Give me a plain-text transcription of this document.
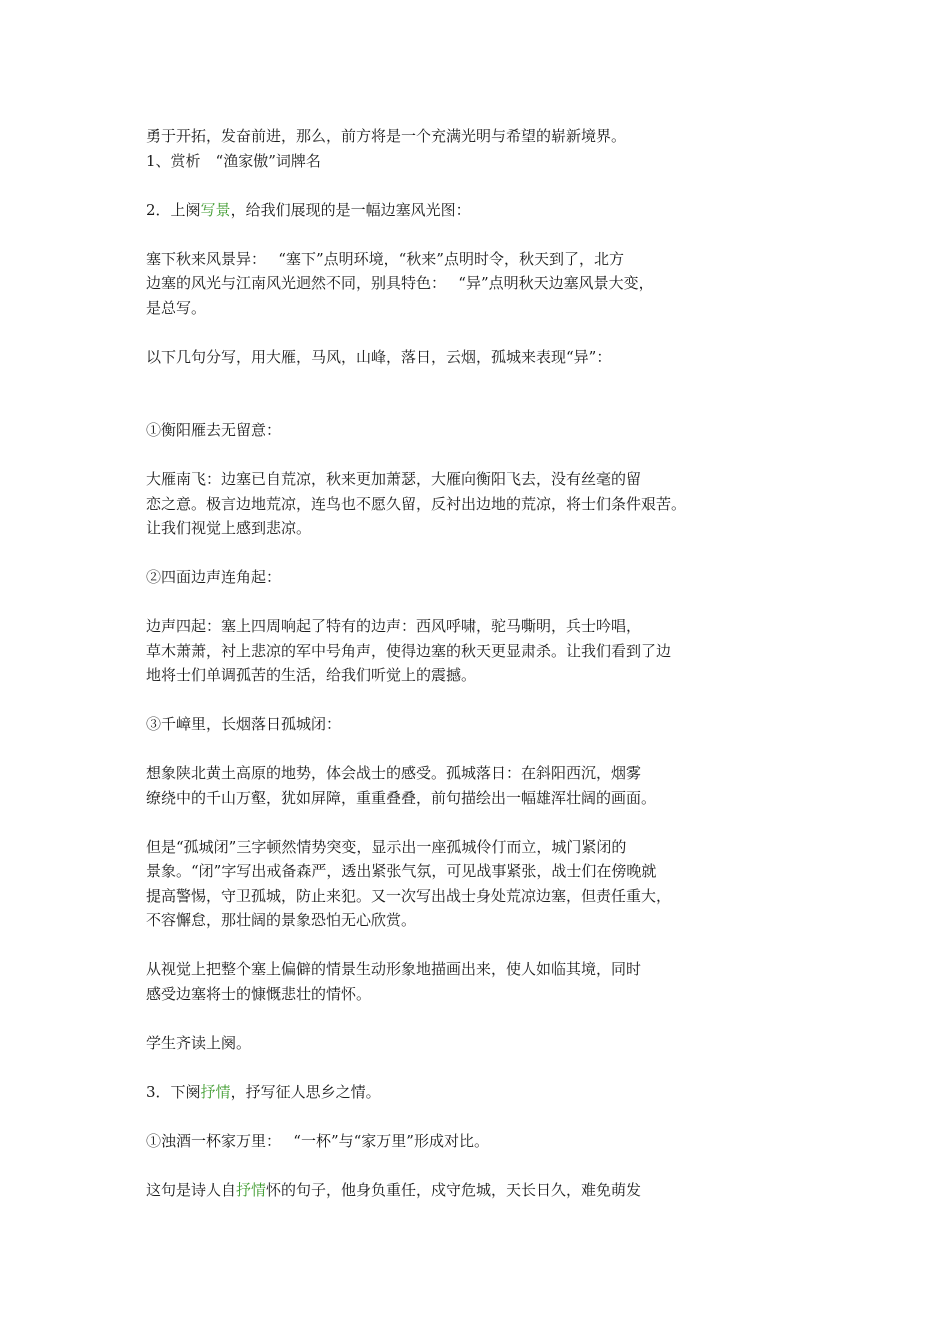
勇于开拓，发奋前进，那么，前方将是一个充满光明与希望的崭新境界。
1、赏析　“渔家傲”词牌名
2．上阕写景，给我们展现的是一幅边塞风光图：
塞下秋来风景异：　 “塞下”点明环境，“秋来”点明时令，秋天到了，北方
边塞的风光与江南风光迥然不同，别具特色：　 “异”点明秋天边塞风景大变，
是总写。
以下几句分写，用大雁，马风，山峰，落日，云烟，孤城来表现“异”：
①衡阳雁去无留意：
大雁南飞：边塞已自荒凉，秋来更加萧瑟，大雁向衡阳飞去，没有丝毫的留
恋之意。极言边地荒凉，连鸟也不愿久留，反衬出边地的荒凉，将士们条件艰苦。
让我们视觉上感到悲凉。
②四面边声连角起：
边声四起：塞上四周响起了特有的边声：西风呼啸，驼马嘶明，兵士吟唱，
草木萧萧，衬上悲凉的军中号角声，使得边塞的秋天更显肃杀。让我们看到了边
地将士们单调孤苦的生活，给我们听觉上的震撼。
③千嶂里，长烟落日孤城闭：
想象陕北黄土高原的地势，体会战士的感受。孤城落日：在斜阳西沉，烟雾
缭绕中的千山万壑，犹如屏障，重重叠叠，前句描绘出一幅雄浑壮阔的画面。
但是“孤城闭”三字顿然情势突变，显示出一座孤城伶仃而立，城门紧闭的
景象。“闭”字写出戒备森严，透出紧张气氛，可见战事紧张，战士们在傍晚就
提高警惕，守卫孤城，防止来犯。又一次写出战士身处荒凉边塞，但责任重大，
不容懈怠，那壮阔的景象恐怕无心欣赏。
从视觉上把整个塞上偏僻的情景生动形象地描画出来，使人如临其境，同时
感受边塞将士的慷慨悲壮的情怀。
学生齐读上阕。
3．下阕抒情，抒写征人思乡之情。
①浊酒一杯家万里：　 “一杯”与“家万里”形成对比。
这句是诗人自抒情怀的句子，他身负重任，戍守危城，天长日久，难免萌发
